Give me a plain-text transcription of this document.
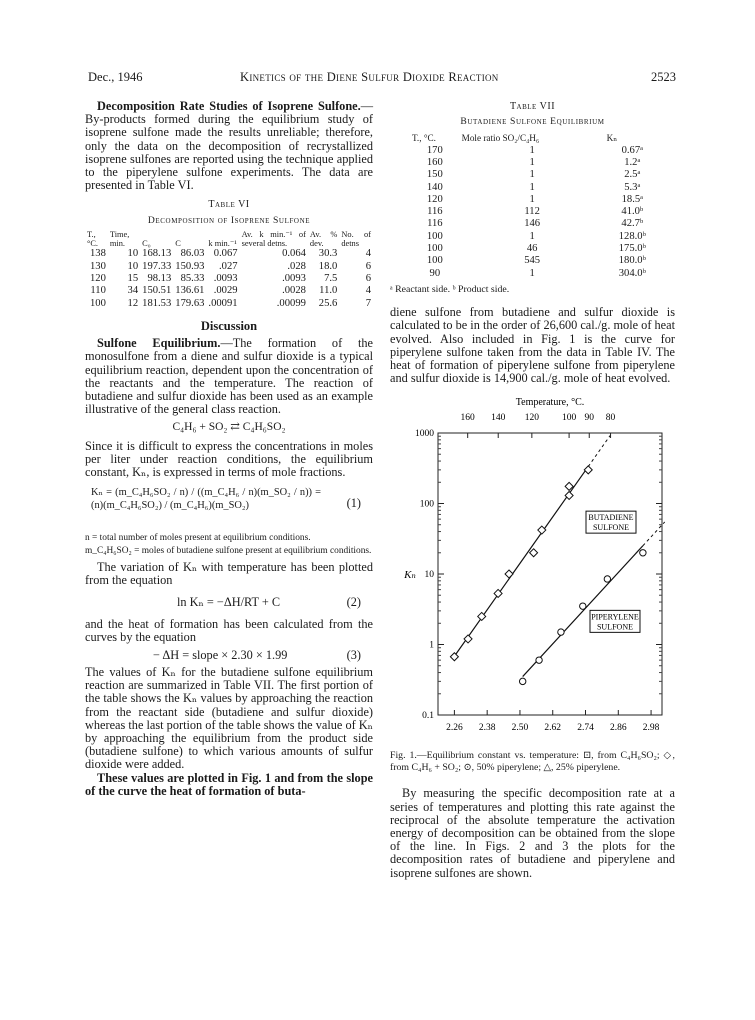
Dec., 1946	Kinetics of the Diene Sulfur Dioxide Reaction	2523

Decomposition Rate Studies of Isoprene Sulfone.—By-products formed during the equilibrium study of isoprene sulfone made the results unreliable; therefore, only the data on the decomposition of recrystallized isoprene sulfones are reported using the technique applied to the piperylene sulfone experiments. The data are presented in Table VI.

Table VI
Decomposition of Isoprene Sulfone
T., °C.	Time, min.	C₀	C	k min.⁻¹	Av. k min.⁻¹ of several detns.	Av. % dev.	No. of detns
138	10	168.13	86.03	0.067	0.064	30.3	4
130	10	197.33	150.93	.027	.028	18.0	6
120	15	98.13	85.33	.0093	.0093	7.5	6
110	34	150.51	136.61	.0029	.0028	11.0	4
100	12	181.53	179.63	.00091	.00099	25.6	7
Discussion

Sulfone Equilibrium.—The formation of the monosulfone from a diene and sulfur dioxide is a typical equilibrium reaction, dependent upon the concentration of the reactants and the temperature. The reaction of butadiene and sulfur dioxide has been used as an example illustrative of the general class reaction.

C₄H₆ + SO₂ ⇄ C₄H₆SO₂

Since it is difficult to express the concentrations in moles per liter under reaction conditions, the equilibrium constant, Kₙ, is expressed in terms of mole fractions.

Kₙ = (m_C₄H₆SO₂ / n) / ((m_C₄H₆ / n)(m_SO₂ / n)) = (n)(m_C₄H₆SO₂) / (m_C₄H₆)(m_SO₂)	(1)

n = total number of moles present at equilibrium conditions.

m_C₄H₆SO₂ = moles of butadiene sulfone present at equilibrium conditions.

The variation of Kₙ with temperature has been plotted from the equation

ln Kₙ = −ΔH/RT + C	(2)

and the heat of formation has been calculated from the curves by the equation

− ΔH = slope × 2.30 × 1.99	(3)

The values of Kₙ for the butadiene sulfone equilibrium reaction are summarized in Table VII. The first portion of the table shows the Kₙ values by approaching the reaction from the reactant side (butadiene and sulfur dioxide) whereas the last portion of the table shows the value of Kₙ by approaching the equilibrium from the product side (butadiene sulfone) to which various amounts of sulfur dioxide were added.

These values are plotted in Fig. 1 and from the slope of the curve the heat of formation of buta-

Table VII
Butadiene Sulfone Equilibrium
T., °C.	Mole ratio SO₂/C₄H₆	Kₙ
170	1	0.67ᵃ
160	1	1.2ᵃ
150	1	2.5ᵃ
140	1	5.3ᵃ
120	1	18.5ᵃ
116	112	41.0ᵇ
116	146	42.7ᵇ
100	1	128.0ᵇ
100	46	175.0ᵇ
100	545	180.0ᵇ
90	1	304.0ᵇ
ᵃ Reactant side. ᵇ Product side.

diene sulfone from butadiene and sulfur dioxide is calculated to be in the order of 26,600 cal./g. mole of heat evolved. Also included in Fig. 1 is the curve for piperylene sulfone taken from the data in Table IV. The heat of formation of piperylene sulfone from piperylene and sulfur dioxide is 14,900 cal./g. mole of heat evolved.

Temperature, °C.
160 140 120 100 90 80
1000
100
10
1
0.1
Kₙ
2.26 2.38 2.50 2.62 2.74 2.86 2.98
BUTADIENE
SULFONE
PIPERYLENE
SULFONE

Fig. 1.—Equilibrium constant vs. temperature: ⊡, from C₄H₆SO₂; ◇, from C₄H₆ + SO₂; ⊙, 50% piperylene; △, 25% piperylene.

By measuring the specific decomposition rate at a series of temperatures and plotting this rate against the reciprocal of the absolute temperature the activation energy of decomposition can be obtained from the slope of the line. In Figs. 2 and 3 the plots for the decomposition rates of butadiene and piperylene and isoprene sulfones are shown.
